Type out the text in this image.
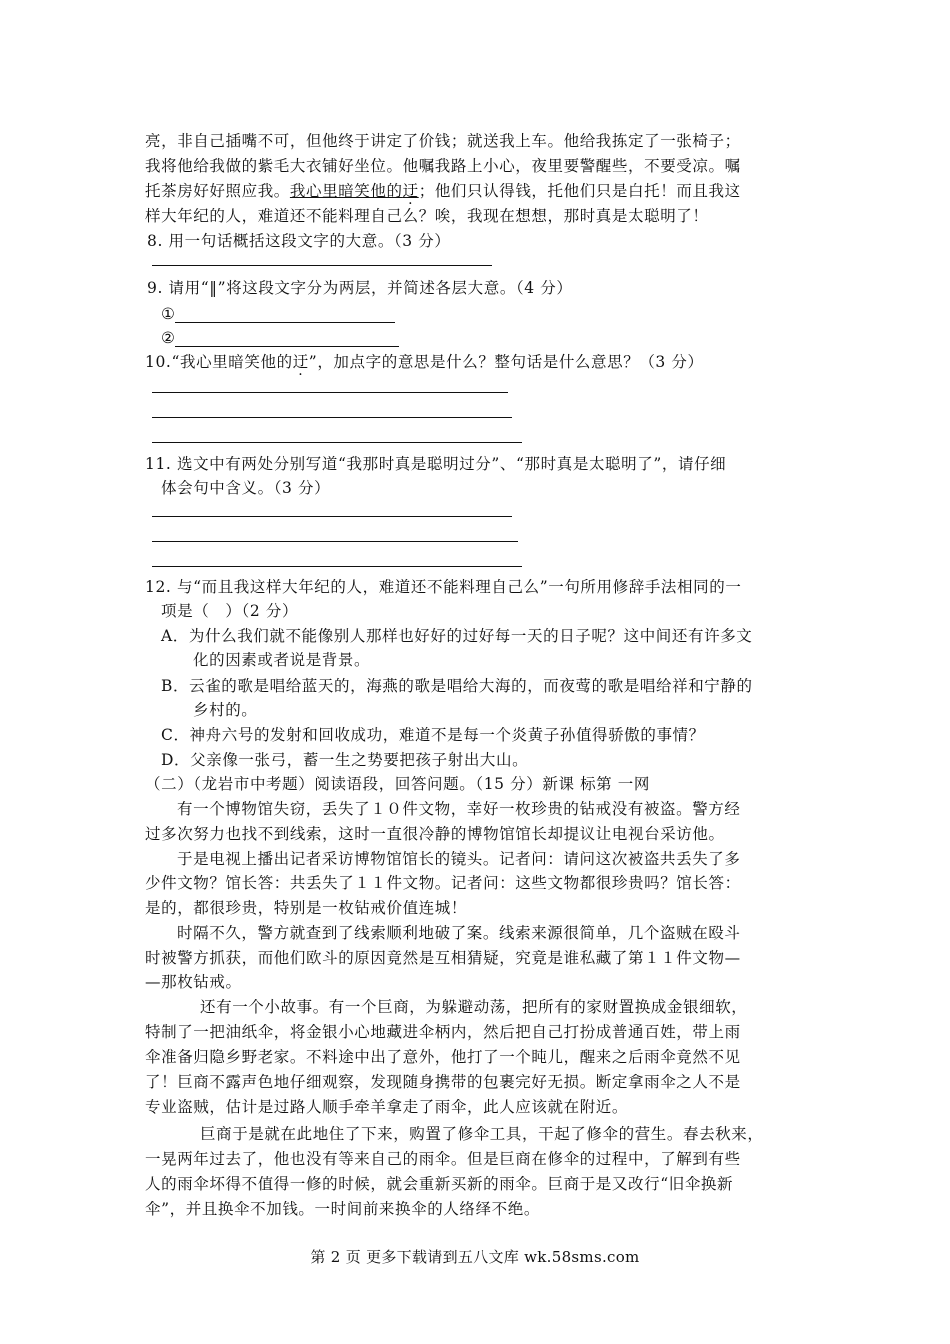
亮，非自己插嘴不可，但他终于讲定了价钱；就送我上车。他给我拣定了一张椅子；
我将他给我做的紫毛大衣铺好坐位。他嘱我路上小心，夜里要警醒些，不要受凉。嘱
托茶房好好照应我。我心里暗笑他的迂；他们只认得钱，托他们只是白托！而且我这
样大年纪的人，难道还不能料理自己么？唉，我现在想想，那时真是太聪明了！
8. 用一句话概括这段文字的大意。（3 分）
9. 请用“‖”将这段文字分为两层，并简述各层大意。（4 分）
①
②
10.“我心里暗笑他的迂”，加点字的意思是什么？整句话是什么意思？（3 分）
11. 选文中有两处分别写道“我那时真是聪明过分”、“那时真是太聪明了”，请仔细
体会句中含义。（3 分）
12. 与“而且我这样大年纪的人，难道还不能料理自己么”一句所用修辞手法相同的一
项是（　）（2 分）
A．为什么我们就不能像别人那样也好好的过好每一天的日子呢？这中间还有许多文
化的因素或者说是背景。
B．云雀的歌是唱给蓝天的，海燕的歌是唱给大海的，而夜莺的歌是唱给祥和宁静的
乡村的。
C．神舟六号的发射和回收成功，难道不是每一个炎黄子孙值得骄傲的事情？
D．父亲像一张弓，蓄一生之势要把孩子射出大山。
（二）（龙岩市中考题）阅读语段，回答问题。（15 分）新课 标第 一网
有一个博物馆失窃，丢失了１０件文物，幸好一枚珍贵的钻戒没有被盗。警方经
过多次努力也找不到线索，这时一直很冷静的博物馆馆长却提议让电视台采访他。
于是电视上播出记者采访博物馆馆长的镜头。记者问：请问这次被盗共丢失了多
少件文物？馆长答：共丢失了１１件文物。记者问：这些文物都很珍贵吗？馆长答：
是的，都很珍贵，特别是一枚钻戒价值连城！
时隔不久，警方就查到了线索顺利地破了案。线索来源很简单，几个盗贼在殴斗
时被警方抓获，而他们欧斗的原因竟然是互相猜疑，究竟是谁私藏了第１１件文物—
—那枚钻戒。
还有一个小故事。有一个巨商，为躲避动荡，把所有的家财置换成金银细软，
特制了一把油纸伞，将金银小心地藏进伞柄内，然后把自己打扮成普通百姓，带上雨
伞准备归隐乡野老家。不料途中出了意外，他打了一个盹儿，醒来之后雨伞竟然不见
了！巨商不露声色地仔细观察，发现随身携带的包裹完好无损。断定拿雨伞之人不是
专业盗贼，估计是过路人顺手牵羊拿走了雨伞，此人应该就在附近。
巨商于是就在此地住了下来，购置了修伞工具，干起了修伞的营生。春去秋来，
一晃两年过去了，他也没有等来自己的雨伞。但是巨商在修伞的过程中，了解到有些
人的雨伞坏得不值得一修的时候，就会重新买新的雨伞。巨商于是又改行“旧伞换新
伞”，并且换伞不加钱。一时间前来换伞的人络绎不绝。
第 2 页 更多下载请到五八文库 wk.58sms.com
